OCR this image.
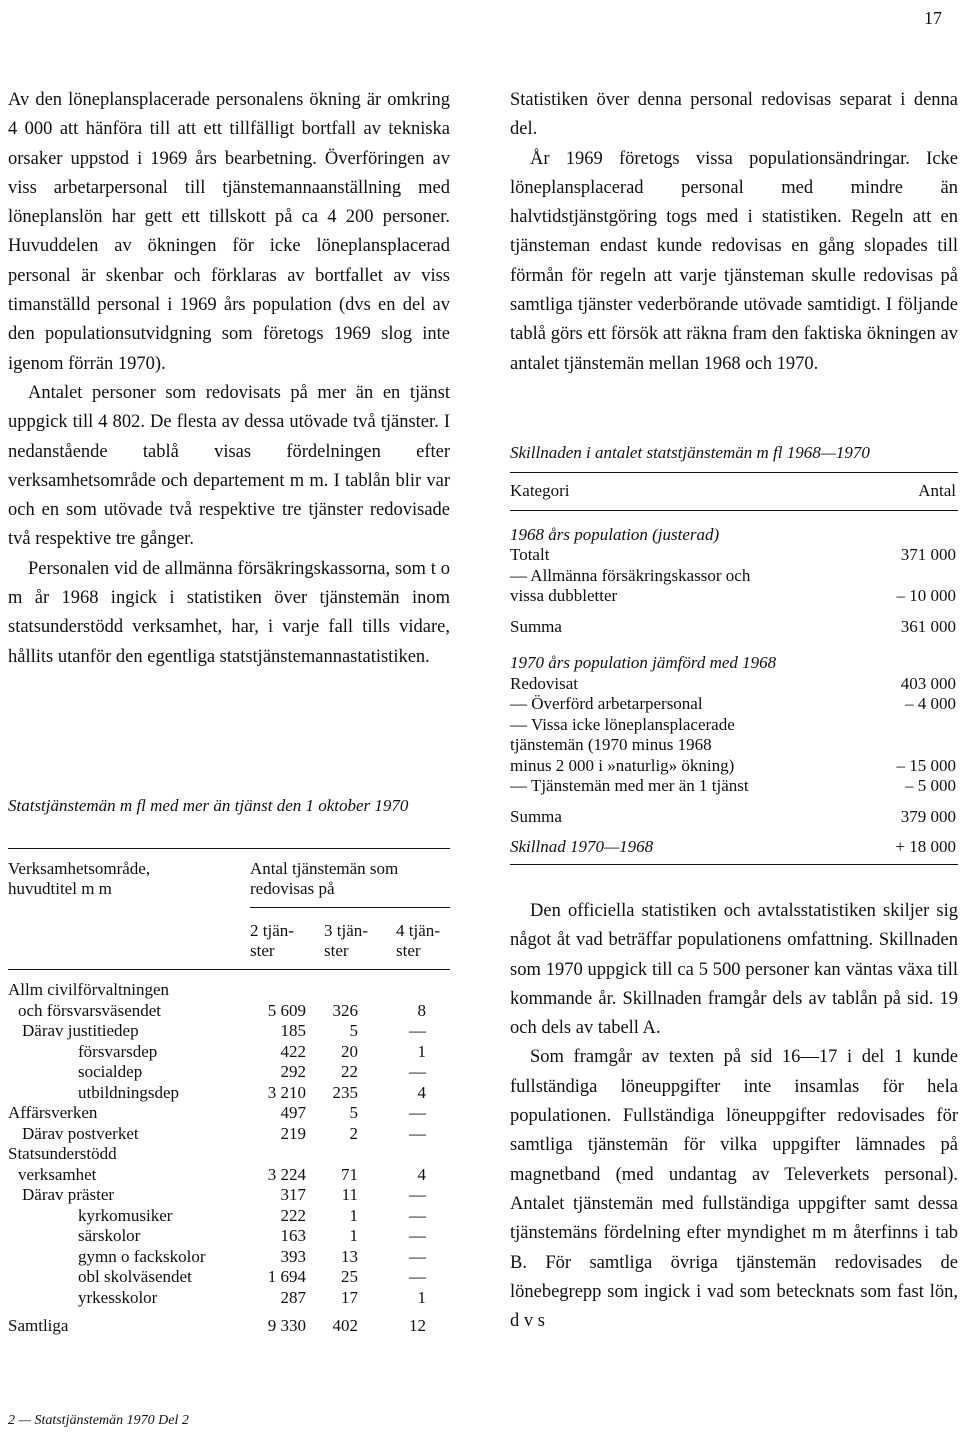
17

Av den löneplansplacerade personalens ökning är omkring 4 000 att hänföra till att ett tillfälligt bortfall av tekniska orsaker uppstod i 1969 års bearbetning. Överföringen av viss arbetarpersonal till tjänstemannaanställning med löneplanslön har gett ett tillskott på ca 4 200 personer. Huvuddelen av ökningen för icke löneplansplacerad personal är skenbar och förklaras av bortfallet av viss timanställd personal i 1969 års population (dvs en del av den populationsutvidgning som företogs 1969 slog inte igenom förrän 1970).

Antalet personer som redovisats på mer än en tjänst uppgick till 4 802. De flesta av dessa utövade två tjänster. I nedanstående tablå visas fördelningen efter verksamhetsområde och departement m m. I tablån blir var och en som utövade två respektive tre tjänster redovisade två respektive tre gånger.

Personalen vid de allmänna försäkringskassorna, som t o m år 1968 ingick i statistiken över tjänstemän inom statsunderstödd verksamhet, har, i varje fall tills vidare, hållits utanför den egentliga statstjänstemannastatistiken.

Statstjänstemän m fl med mer än tjänst den 1 oktober 1970
Verksamhetsområde,
huvudtitel m m
Antal tjänstemän som
redovisas på
2 tjän-
ster
3 tjän-
ster
4 tjän-
ster
Allm civilförvaltningen
och försvarsväsendet	5 609	326	8
Därav justitiedep	185	5	—
försvarsdep	422	20	1
socialdep	292	22	—
utbildningsdep	3 210	235	4
Affärsverken	497	5	—
Därav postverket	219	2	—
Statsunderstödd
verksamhet	3 224	71	4
Därav präster	317	11	—
kyrkomusiker	222	1	—
särskolor	163	1	—
gymn o fackskolor	393	13	—
obl skolväsendet	1 694	25	—
yrkesskolor	287	17	1
Samtliga	9 330	402	12

Statistiken över denna personal redovisas separat i denna del.

År 1969 företogs vissa populationsändringar. Icke löneplansplacerad personal med mindre än halvtidstjänstgöring togs med i statistiken. Regeln att en tjänsteman endast kunde redovisas en gång slopades till förmån för regeln att varje tjänsteman skulle redovisas på samtliga tjänster vederbörande utövade samtidigt. I följande tablå görs ett försök att räkna fram den faktiska ökningen av antalet tjänstemän mellan 1968 och 1970.

Skillnaden i antalet statstjänstemän m fl 1968—1970
Kategori	Antal
1968 års population (justerad)
Totalt	371 000
— Allmänna försäkringskassor och
vissa dubbletter	– 10 000
Summa	361 000
1970 års population jämförd med 1968
Redovisat	403 000
— Överförd arbetarpersonal	– 4 000
— Vissa icke löneplansplacerade
tjänstemän (1970 minus 1968
minus 2 000 i »naturlig» ökning)	– 15 000
— Tjänstemän med mer än 1 tjänst	– 5 000
Summa	379 000
Skillnad 1970—1968	+ 18 000

Den officiella statistiken och avtalsstatistiken skiljer sig något åt vad beträffar populationens omfattning. Skillnaden som 1970 uppgick till ca 5 500 personer kan väntas växa till kommande år. Skillnaden framgår dels av tablån på sid. 19 och dels av tabell A.

Som framgår av texten på sid 16—17 i del 1 kunde fullständiga löneuppgifter inte insamlas för hela populationen. Fullständiga löneuppgifter redovisades för samtliga tjänstemän för vilka uppgifter lämnades på magnetband (med undantag av Televerkets personal). Antalet tjänstemän med fullständiga uppgifter samt dessa tjänstemäns fördelning efter myndighet m m återfinns i tab B. För samtliga övriga tjänstemän redovisades de lönebegrepp som ingick i vad som betecknats som fast lön, d v s

2 — Statstjänstemän 1970 Del 2
